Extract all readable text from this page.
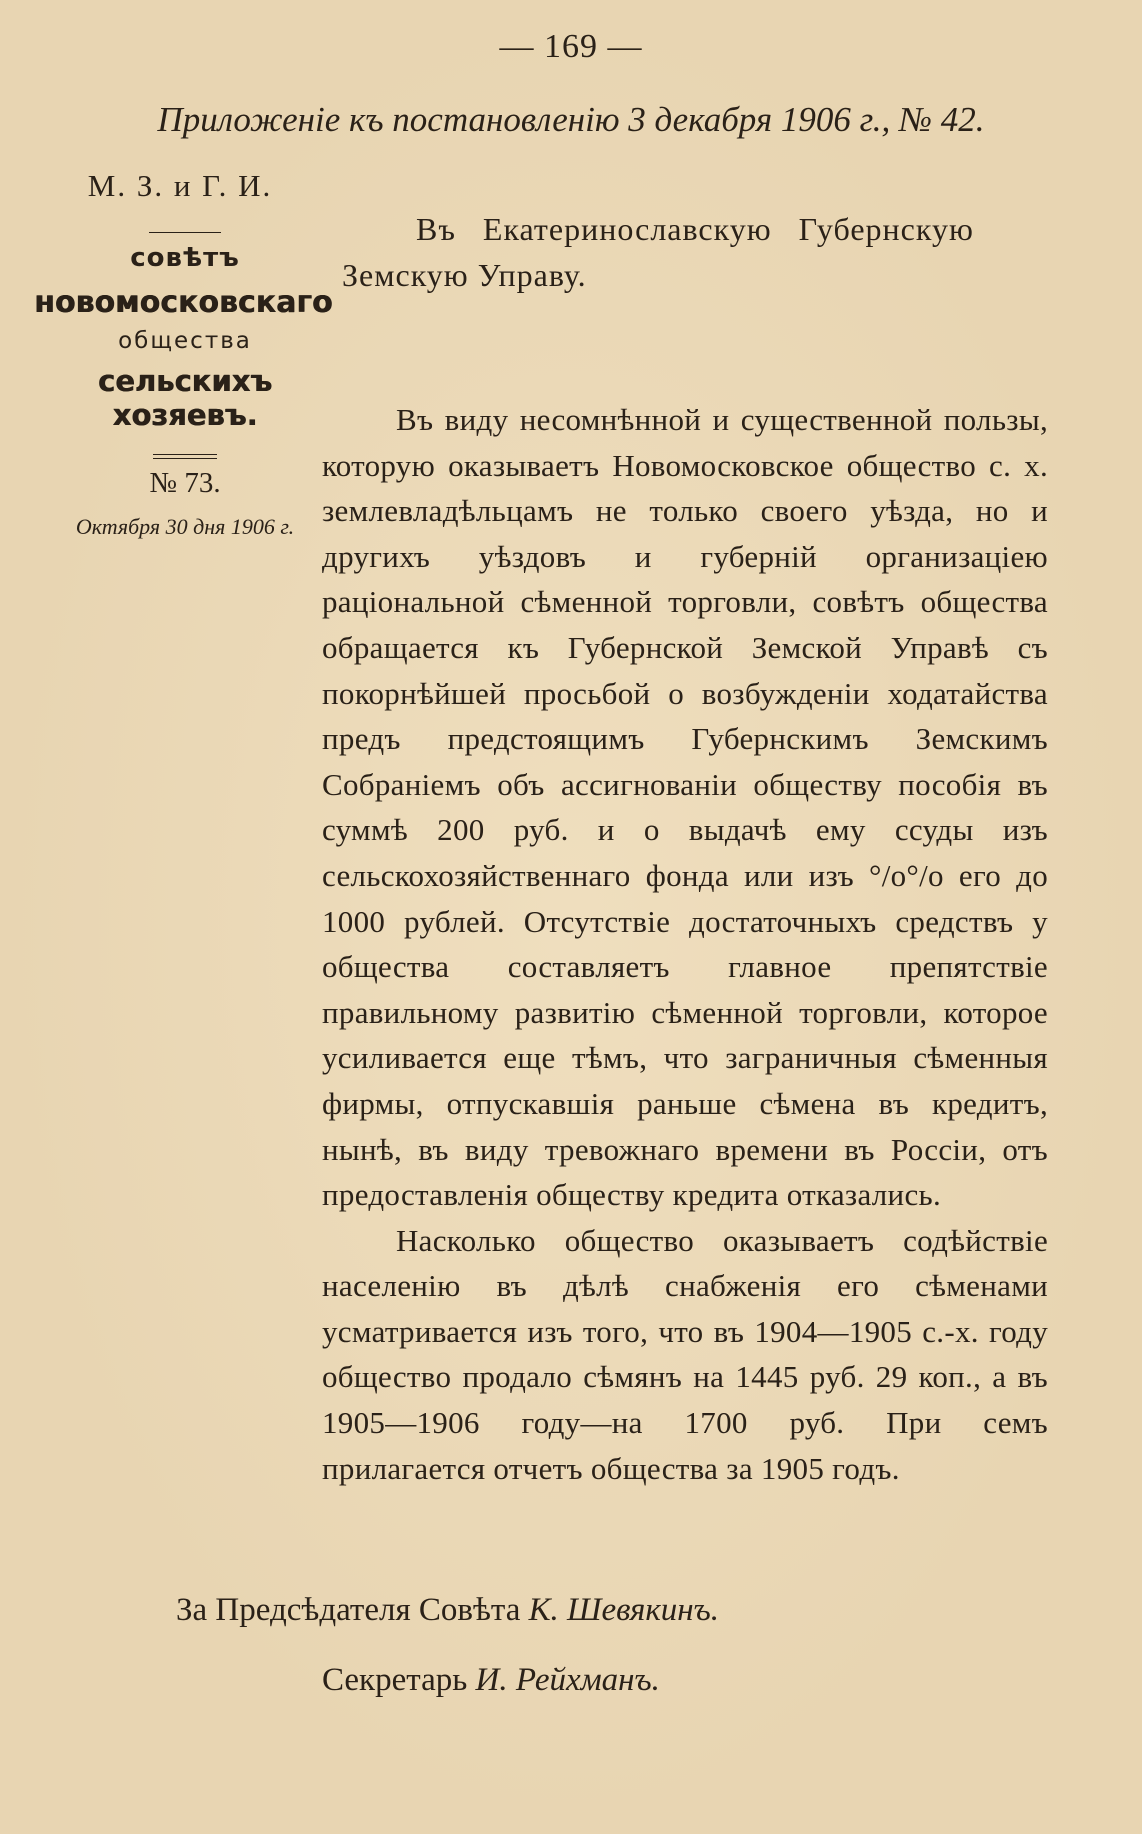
— 169 —
Приложеніе къ постановленію 3 декабря 1906 г., № 42.
М. З. и Г. И.
совѣтъ
новомосковскаго
общества
сельскихъ хозяевъ.
№ 73.
Октября 30 дня 1906 г.
Въ Екатеринославскую Губернскую
Земскую Управу.

Въ виду несомнѣнной и существенной пользы, которую оказываетъ Новомосковское общество с. х. землевладѣльцамъ не только своего уѣзда, но и другихъ уѣздовъ и губерній организаціею раціональной сѣменной торговли, совѣтъ общества обращается къ Губернской Земской Управѣ съ покорнѣйшей просьбой о возбужденіи ходатайства предъ предстоящимъ Губернскимъ Земскимъ Собраніемъ объ ассигнованіи обществу пособія въ суммѣ 200 руб. и о выдачѣ ему ссуды изъ сельскохозяйственнаго фонда или изъ °/о°/о его до 1000 рублей. Отсутствіе достаточныхъ средствъ у общества составляетъ главное препятствіе правильному развитію сѣменной торговли, которое усиливается еще тѣмъ, что заграничныя сѣменныя фирмы, отпускавшія раньше сѣмена въ кредитъ, нынѣ, въ виду тревожнаго времени въ Россіи, отъ предоставленія обществу кредита отказались.

Насколько общество оказываетъ содѣйствіе населенію въ дѣлѣ снабженія его сѣменами усматривается изъ того, что въ 1904—1905 с.-х. году общество продало сѣмянъ на 1445 руб. 29 коп., а въ 1905—1906 году—на 1700 руб. При семъ прилагается отчетъ общества за 1905 годъ.

За Предсѣдателя Совѣта К. Шевякинъ.
Секретарь И. Рейхманъ.
